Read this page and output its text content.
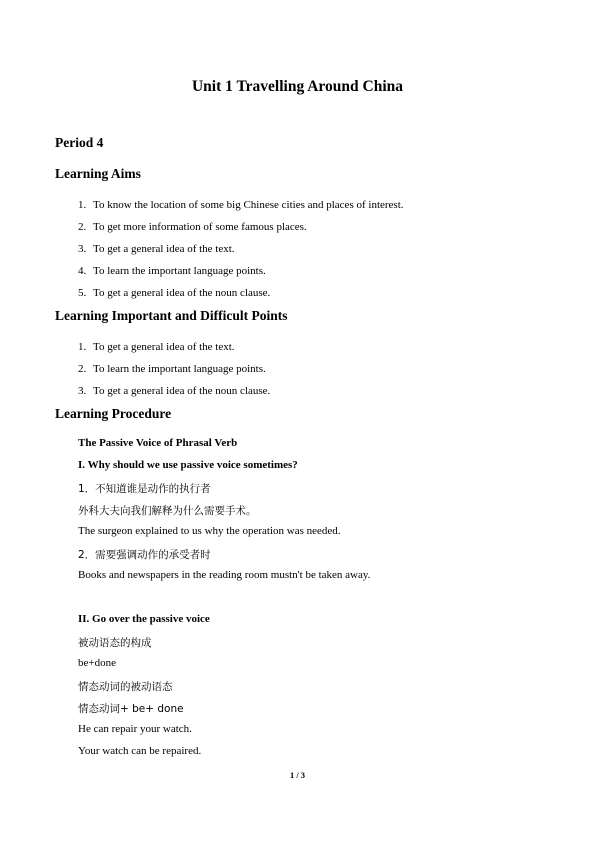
Unit 1 Travelling Around China
Period 4
Learning Aims
1. To know the location of some big Chinese cities and places of interest.
2. To get more information of some famous places.
3. To get a general idea of the text.
4. To learn the important language points.
5. To get a general idea of the noun clause.
Learning Important and Difficult Points
1. To get a general idea of the text.
2. To learn the important language points.
3. To get a general idea of the noun clause.
Learning Procedure
The Passive Voice of Phrasal Verb
I. Why should we use passive voice sometimes?
1．不知道谁是动作的执行者
外科大夫向我们解释为什么需要手术。
The surgeon explained to us why the operation was needed.
2．需要强调动作的承受者时
Books and newspapers in the reading room mustn't be taken away.
II. Go over the passive voice
被动语态的构成
be+done
情态动词的被动语态
情态动词+ be+ done
He can repair your watch.
Your watch can be repaired.
1 / 3
